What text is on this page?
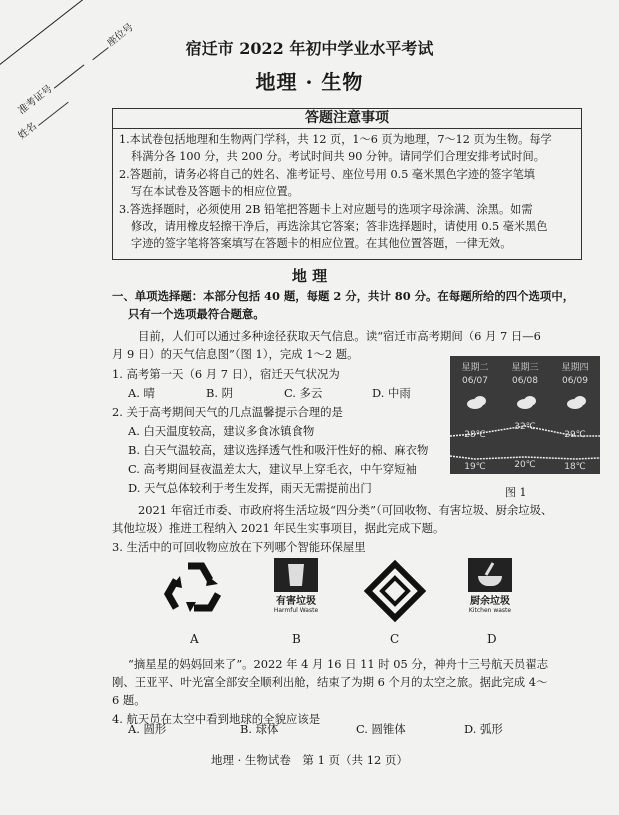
准考证号
座位号
姓名
宿迁市 2022 年初中学业水平考试
地理 · 生物
答题注意事项

1.本试卷包括地理和生物两门学科，共 12 页，1～6 页为地理，7～12 页为生物。每学

科满分各 100 分，共 200 分。考试时间共 90 分钟。请同学们合理安排考试时间。

2.答题前，请务必将自己的姓名、准考证号、座位号用 0.5 毫米黑色字迹的签字笔填

写在本试卷及答题卡的相应位置。

3.答选择题时，必须使用 2B 铅笔把答题卡上对应题号的选项字母涂满、涂黑。如需

修改，请用橡皮轻擦干净后，再选涂其它答案；答非选择题时，请使用 0.5 毫米黑色

字迹的签字笔将答案填写在答题卡的相应位置。在其他位置答题，一律无效。

地 理
一、单项选择题：本部分包括 40 题，每题 2 分，共计 80 分。在每题所给的四个选项中，
只有一个选项最符合题意。
目前，人们可以通过多种途径获取天气信息。读“宿迁市高考期间（6 月 7 日—6
月 9 日）的天气信息图”（图 1），完成 1～2 题。
1. 高考第一天（6 月 7 日），宿迁天气状况为
A. 晴	B. 阴	C. 多云	D. 中雨
2. 关于高考期间天气的几点温馨提示合理的是
A. 白天温度较高，建议多食冰镇食物
B. 白天气温较高，建议选择透气性和吸汗性好的棉、麻衣物
C. 高考期间昼夜温差太大，建议早上穿毛衣，中午穿短袖
D. 天气总体较利于考生发挥，雨天无需提前出门
星期二	星期三	星期四
06/07	06/08	06/09
28℃
32℃
29℃
19℃	20℃	18℃
图 1
2021 年宿迁市委、市政府将生活垃圾“四分类”（可回收物、有害垃圾、厨余垃圾、
其他垃圾）推进工程纳入 2021 年民生实事项目，据此完成下题。
3. 生活中的可回收物应放在下列哪个智能环保屋里
有害垃圾
Harmful Waste
厨余垃圾
Kitchen waste
A	B	C	D
“摘星星的妈妈回来了”。2022 年 4 月 16 日 11 时 05 分，神舟十三号航天员翟志
刚、王亚平、叶光富全部安全顺利出舱，结束了为期 6 个月的太空之旅。据此完成 4～
6 题。
4. 航天员在太空中看到地球的全貌应该是
A. 圆形	B. 球体	C. 圆锥体	D. 弧形
地理 · 生物试卷　第 1 页（共 12 页）
